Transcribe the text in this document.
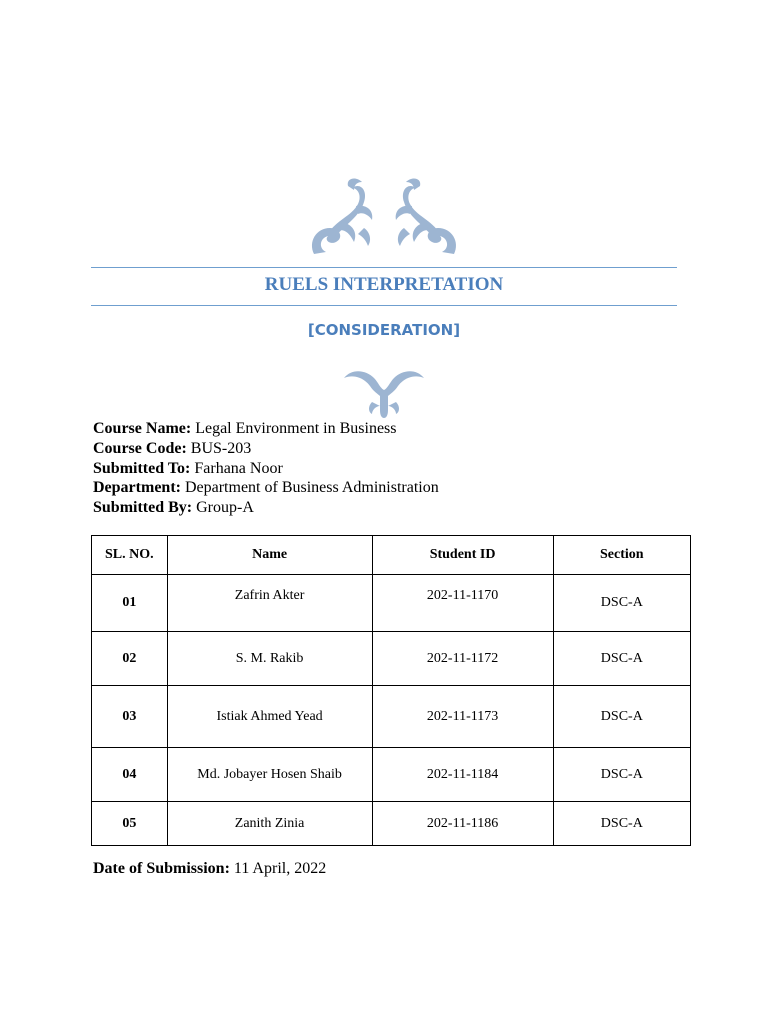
RUELS INTERPRETATION
[CONSIDERATION]
Course Name: Legal Environment in Business
Course Code: BUS-203
Submitted To: Farhana Noor
Department: Department of Business Administration
Submitted By: Group-A
SL. NO.	Name	Student ID	Section
01	Zafrin Akter	202-11-1170	DSC-A
02	S. M. Rakib	202-11-1172	DSC-A
03	Istiak Ahmed Yead	202-11-1173	DSC-A
04	Md. Jobayer Hosen Shaib	202-11-1184	DSC-A
05	Zanith Zinia	202-11-1186	DSC-A
Date of Submission: 11 April, 2022
